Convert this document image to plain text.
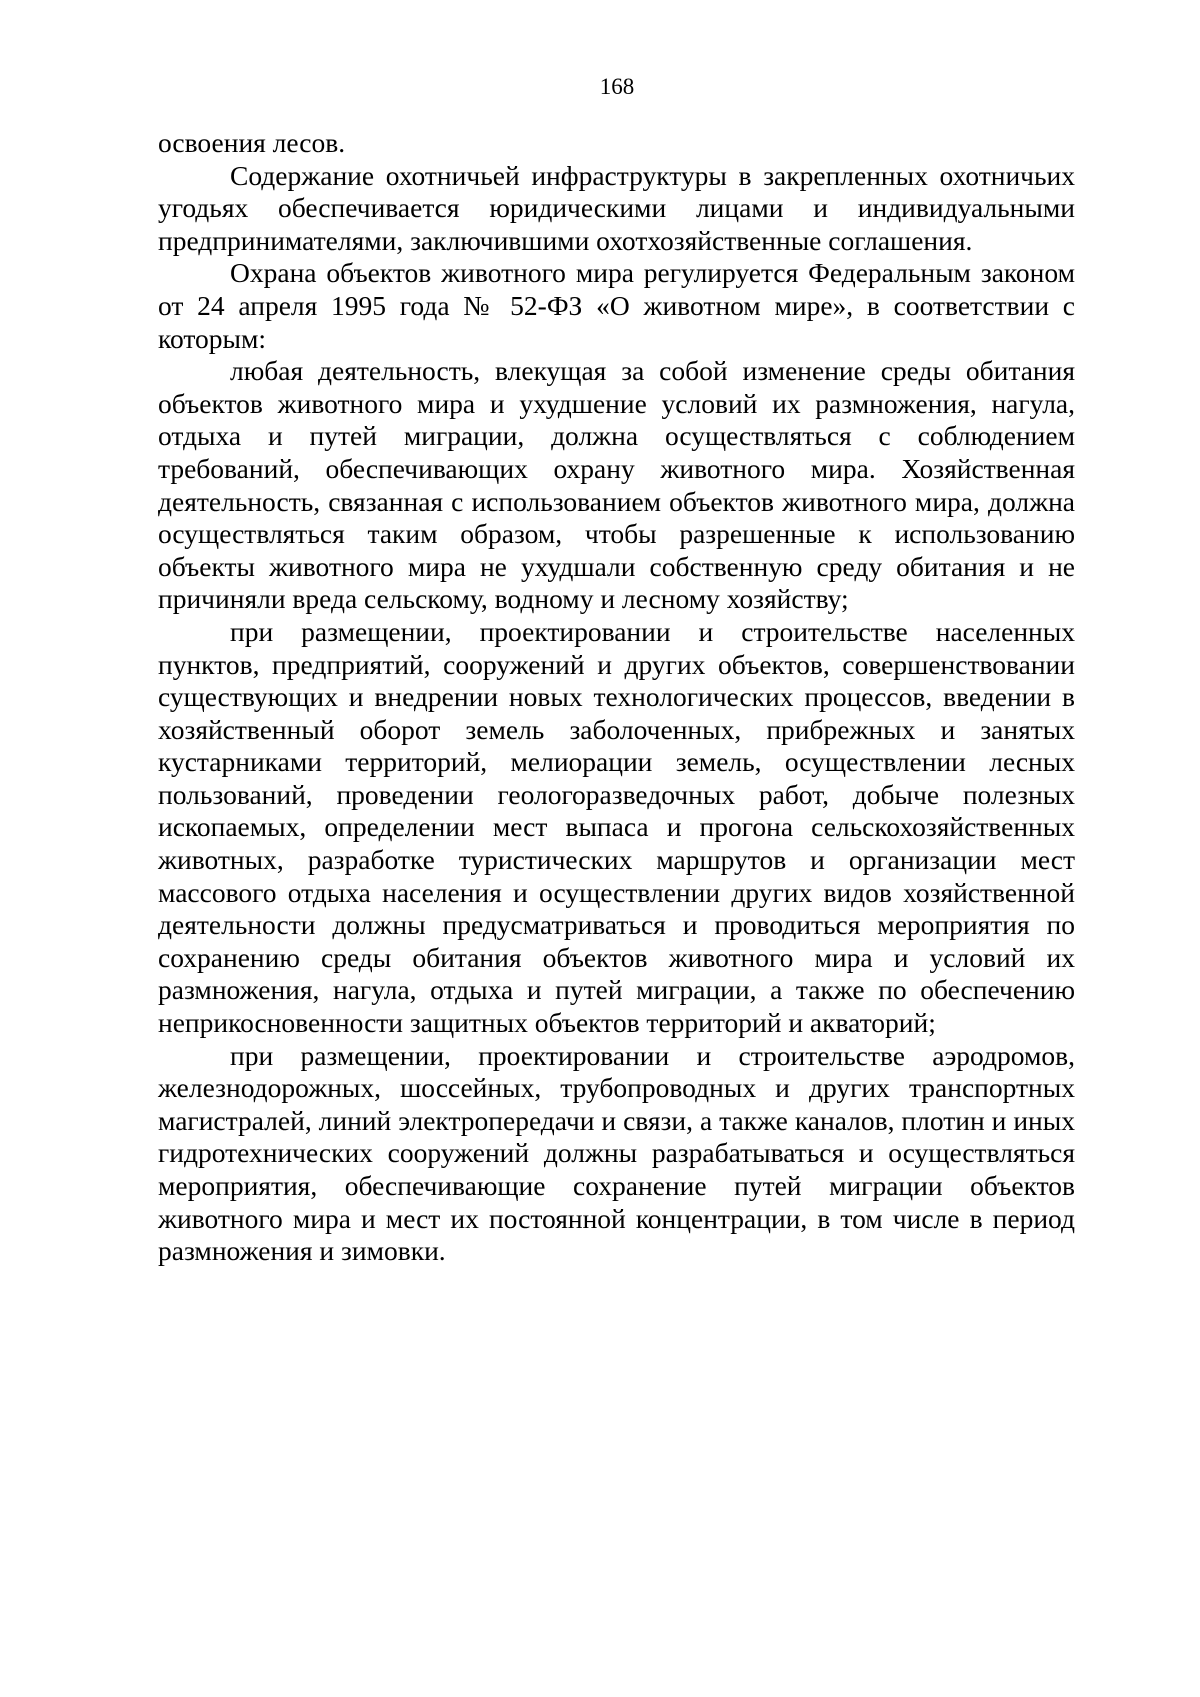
168

освоения лесов.

Содержание охотничьей инфраструктуры в закрепленных охотничьих угодьях обеспечивается юридическими лицами и индивидуальными предпринимателями, заключившими охотхозяйственные соглашения.

Охрана объектов животного мира регулируется Федеральным законом от 24 апреля 1995 года № 52-ФЗ «О животном мире», в соответствии с которым:

любая деятельность, влекущая за собой изменение среды обитания объектов животного мира и ухудшение условий их размножения, нагула, отдыха и путей миграции, должна осуществляться с соблюдением требований, обеспечивающих охрану животного мира. Хозяйственная деятельность, связанная с использованием объектов животного мира, должна осуществляться таким образом, чтобы разрешенные к использованию объекты животного мира не ухудшали собственную среду обитания и не причиняли вреда сельскому, водному и лесному хозяйству;

при размещении, проектировании и строительстве населенных пунктов, предприятий, сооружений и других объектов, совершенствовании существующих и внедрении новых технологических процессов, введении в хозяйственный оборот земель заболоченных, прибрежных и занятых кустарниками территорий, мелиорации земель, осуществлении лесных пользований, проведении геологоразведочных работ, добыче полезных ископаемых, определении мест выпаса и прогона сельскохозяйственных животных, разработке туристических маршрутов и организации мест массового отдыха населения и осуществлении других видов хозяйственной деятельности должны предусматриваться и проводиться мероприятия по сохранению среды обитания объектов животного мира и условий их размножения, нагула, отдыха и путей миграции, а также по обеспечению неприкосновенности защитных объектов территорий и акваторий;

при размещении, проектировании и строительстве аэродромов, железнодорожных, шоссейных, трубопроводных и других транспортных магистралей, линий электропередачи и связи, а также каналов, плотин и иных гидротехнических сооружений должны разрабатываться и осуществляться мероприятия, обеспечивающие сохранение путей миграции объектов животного мира и мест их постоянной концентрации, в том числе в период размножения и зимовки.
